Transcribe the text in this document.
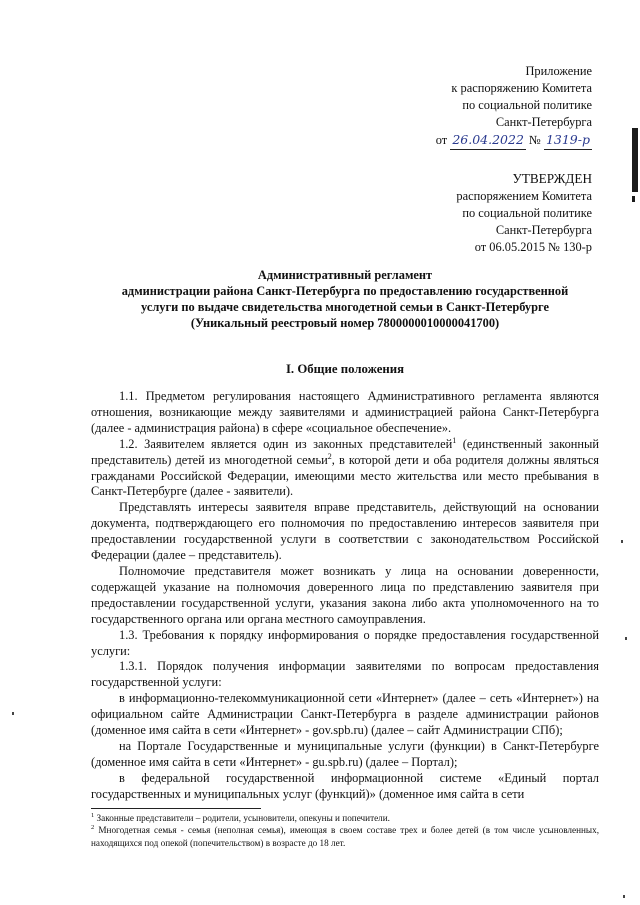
Приложение
к распоряжению Комитета
по социальной политике
Санкт-Петербурга
от 26.04.2022 № 1319-р
УТВЕРЖДЕН
распоряжением Комитета
по социальной политике
Санкт-Петербурга
от 06.05.2015 № 130-р
Административный регламент
администрации района Санкт-Петербурга по предоставлению государственной
услуги по выдаче свидетельства многодетной семьи в Санкт-Петербурге
(Уникальный реестровый номер 7800000010000041700)
I. Общие положения

1.1. Предметом регулирования настоящего Административного регламента являются отношения, возникающие между заявителями и администрацией района Санкт-Петербурга (далее - администрация района) в сфере «социальное обеспечение».

1.2. Заявителем является один из законных представителей$^1$ (единственный законный представитель) детей из многодетной семьи$^2$, в которой дети и оба родителя должны являться гражданами Российской Федерации, имеющими место жительства или место пребывания в Санкт-Петербурге (далее - заявители).

Представлять интересы заявителя вправе представитель, действующий на основании документа, подтверждающего его полномочия по предоставлению интересов заявителя при предоставлении государственной услуги в соответствии с законодательством Российской Федерации (далее – представитель).

Полномочие представителя может возникать у лица на основании доверенности, содержащей указание на полномочия доверенного лица по представлению заявителя при предоставлении государственной услуги, указания закона либо акта уполномоченного на то государственного органа или органа местного самоуправления.

1.3. Требования к порядку информирования о порядке предоставления государственной услуги:

1.3.1. Порядок получения информации заявителями по вопросам предоставления государственной услуги:

в информационно-телекоммуникационной сети «Интернет» (далее – сеть «Интернет») на официальном сайте Администрации Санкт-Петербурга в разделе администрации районов (доменное имя сайта в сети «Интернет» - gov.spb.ru) (далее – сайт Администрации СПб);

на Портале Государственные и муниципальные услуги (функции) в Санкт-Петербурге (доменное имя сайта в сети «Интернет» - gu.spb.ru) (далее – Портал);

в федеральной государственной информационной системе «Единый портал государственных и муниципальных услуг (функций)» (доменное имя сайта в сети

$^1$ Законные представители – родители, усыновители, опекуны и попечители.

$^2$ Многодетная семья - семья (неполная семья), имеющая в своем составе трех и более детей (в том числе усыновленных, находящихся под опекой (попечительством) в возрасте до 18 лет.
